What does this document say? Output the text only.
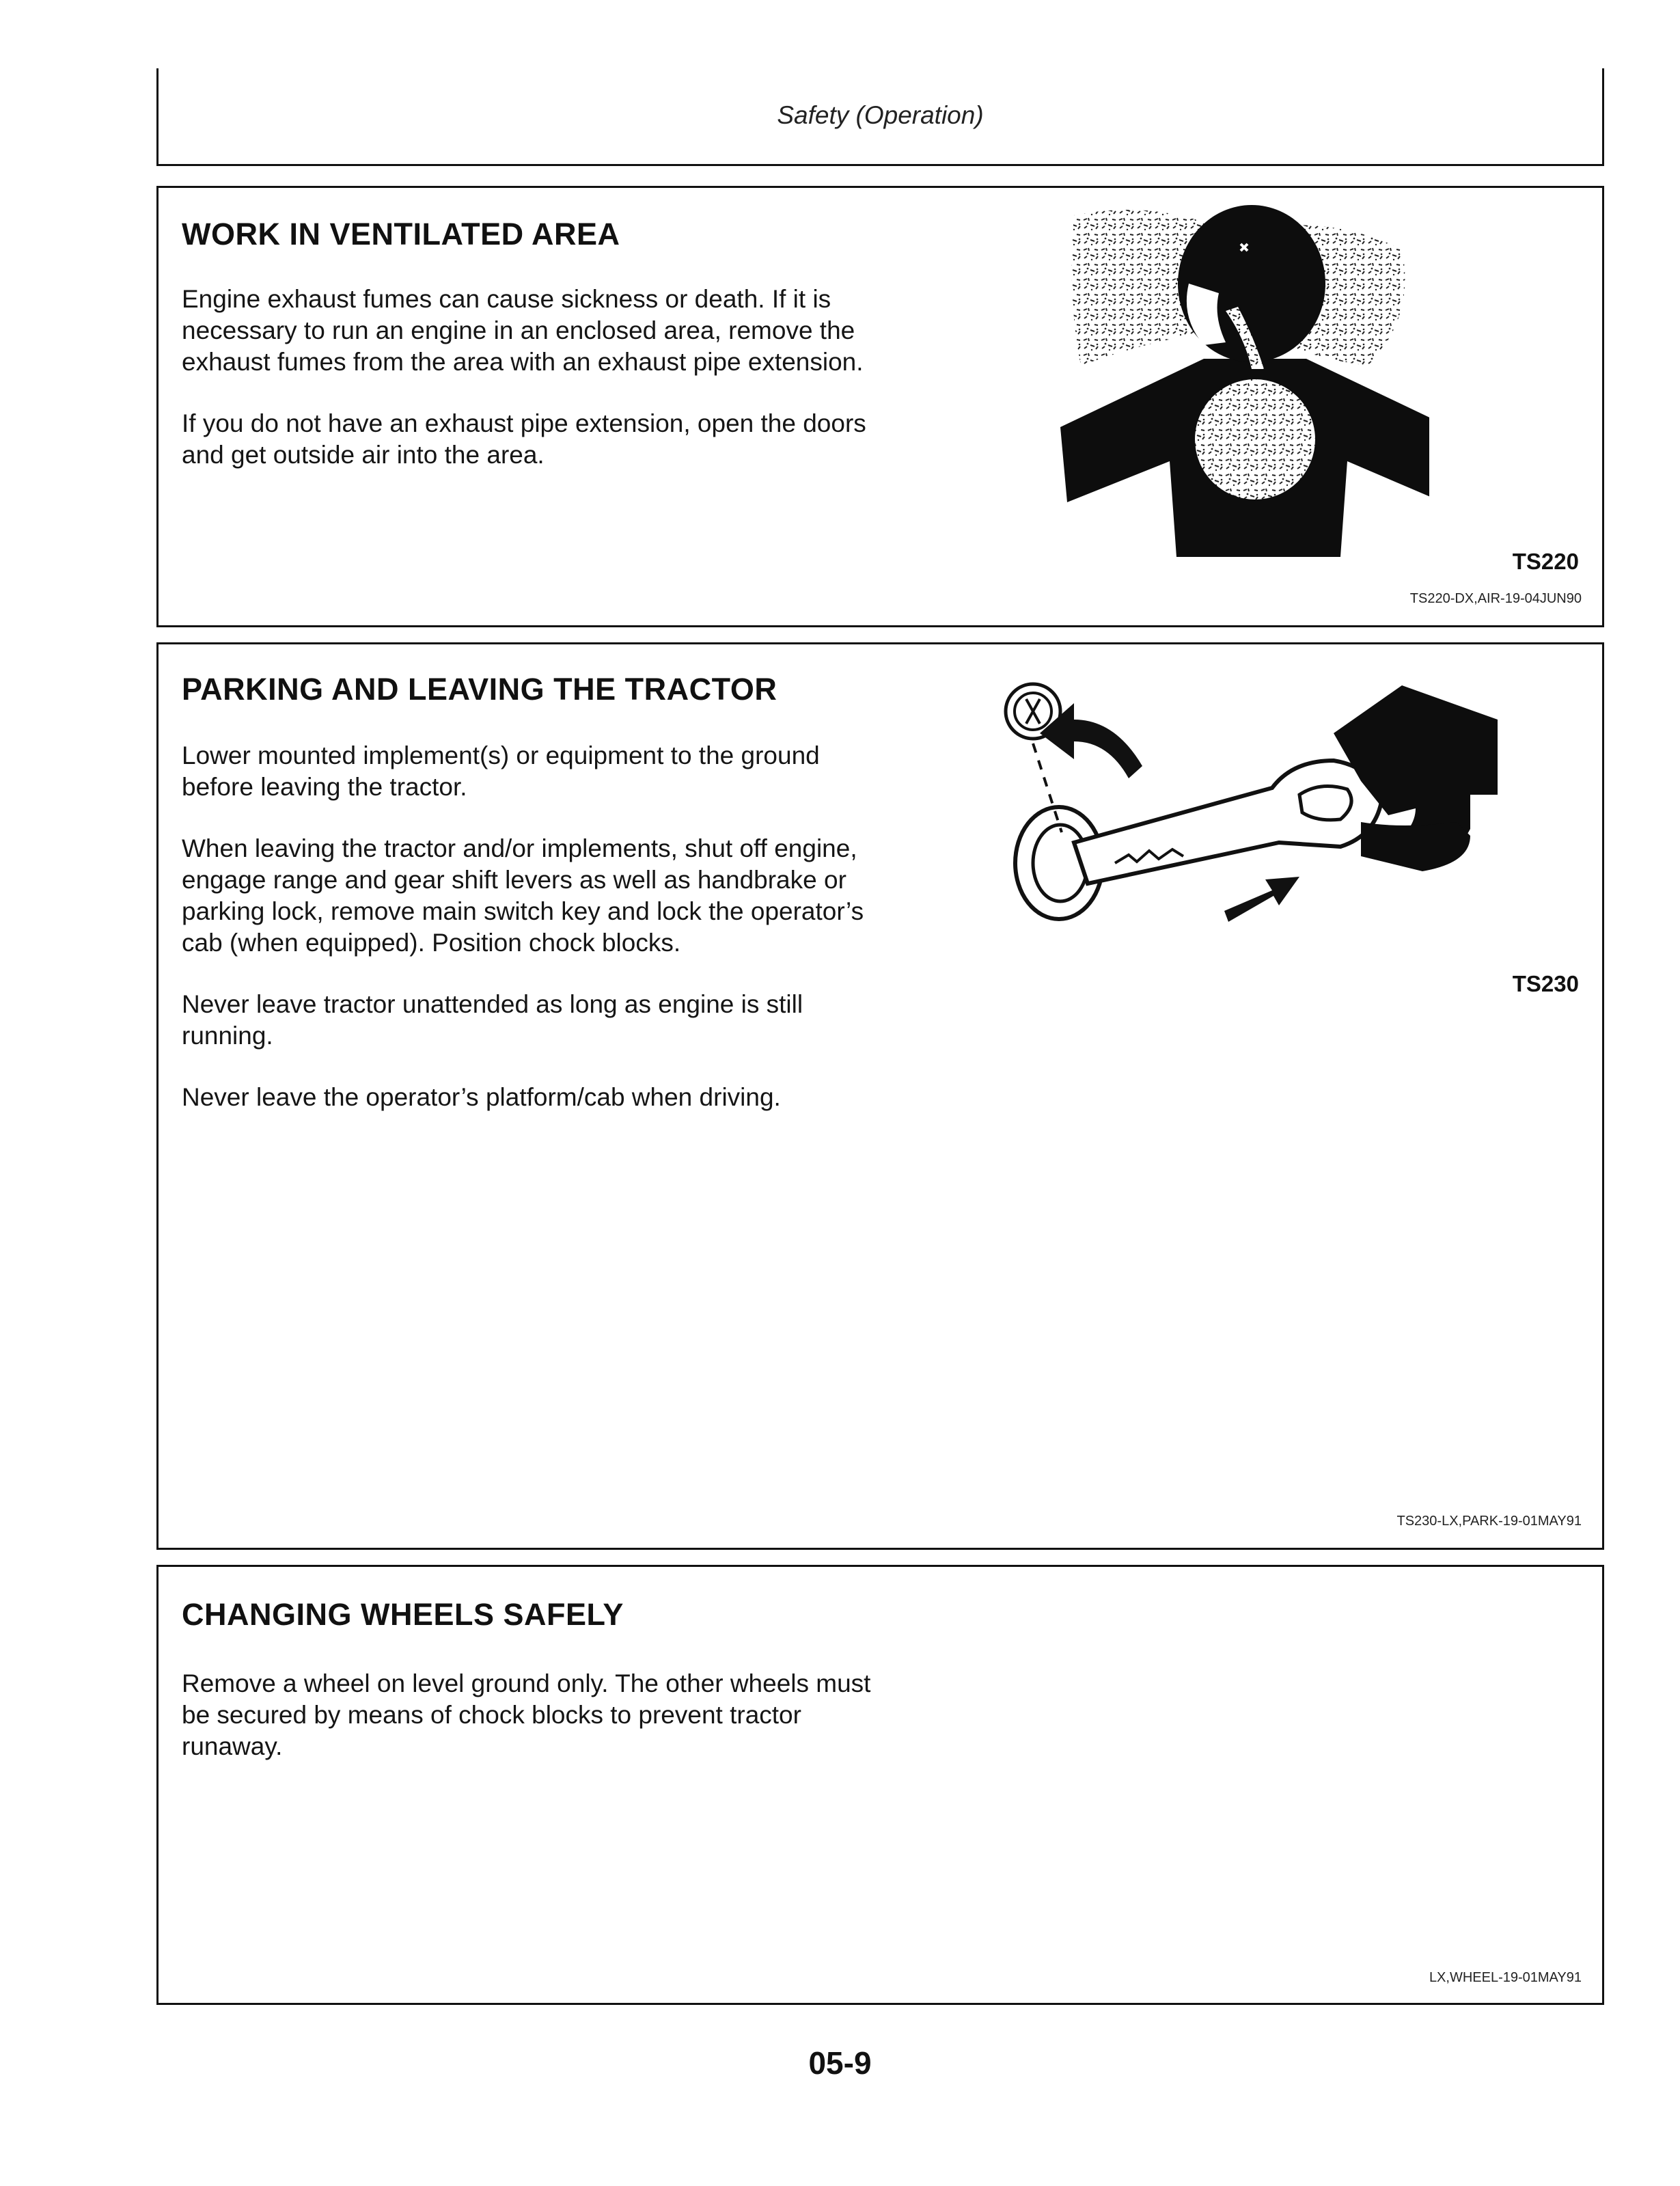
Safety (Operation)
WORK IN VENTILATED AREA

Engine exhaust fumes can cause sickness or death. If it is necessary to run an engine in an enclosed area, remove the exhaust fumes from the area with an exhaust pipe extension.

If you do not have an exhaust pipe extension, open the doors and get outside air into the area.

TS220
TS220-DX,AIR-19-04JUN90
PARKING AND LEAVING THE TRACTOR

Lower mounted implement(s) or equipment to the ground before leaving the tractor.

When leaving the tractor and/or implements, shut off engine, engage range and gear shift levers as well as handbrake or parking lock, remove main switch key and lock the operator’s cab (when equipped). Position chock blocks.

Never leave tractor unattended as long as engine is still running.

Never leave the operator’s platform/cab when driving.

TS230
TS230-LX,PARK-19-01MAY91
CHANGING WHEELS SAFELY

Remove a wheel on level ground only. The other wheels must be secured by means of chock blocks to prevent tractor runaway.

LX,WHEEL-19-01MAY91
05-9
